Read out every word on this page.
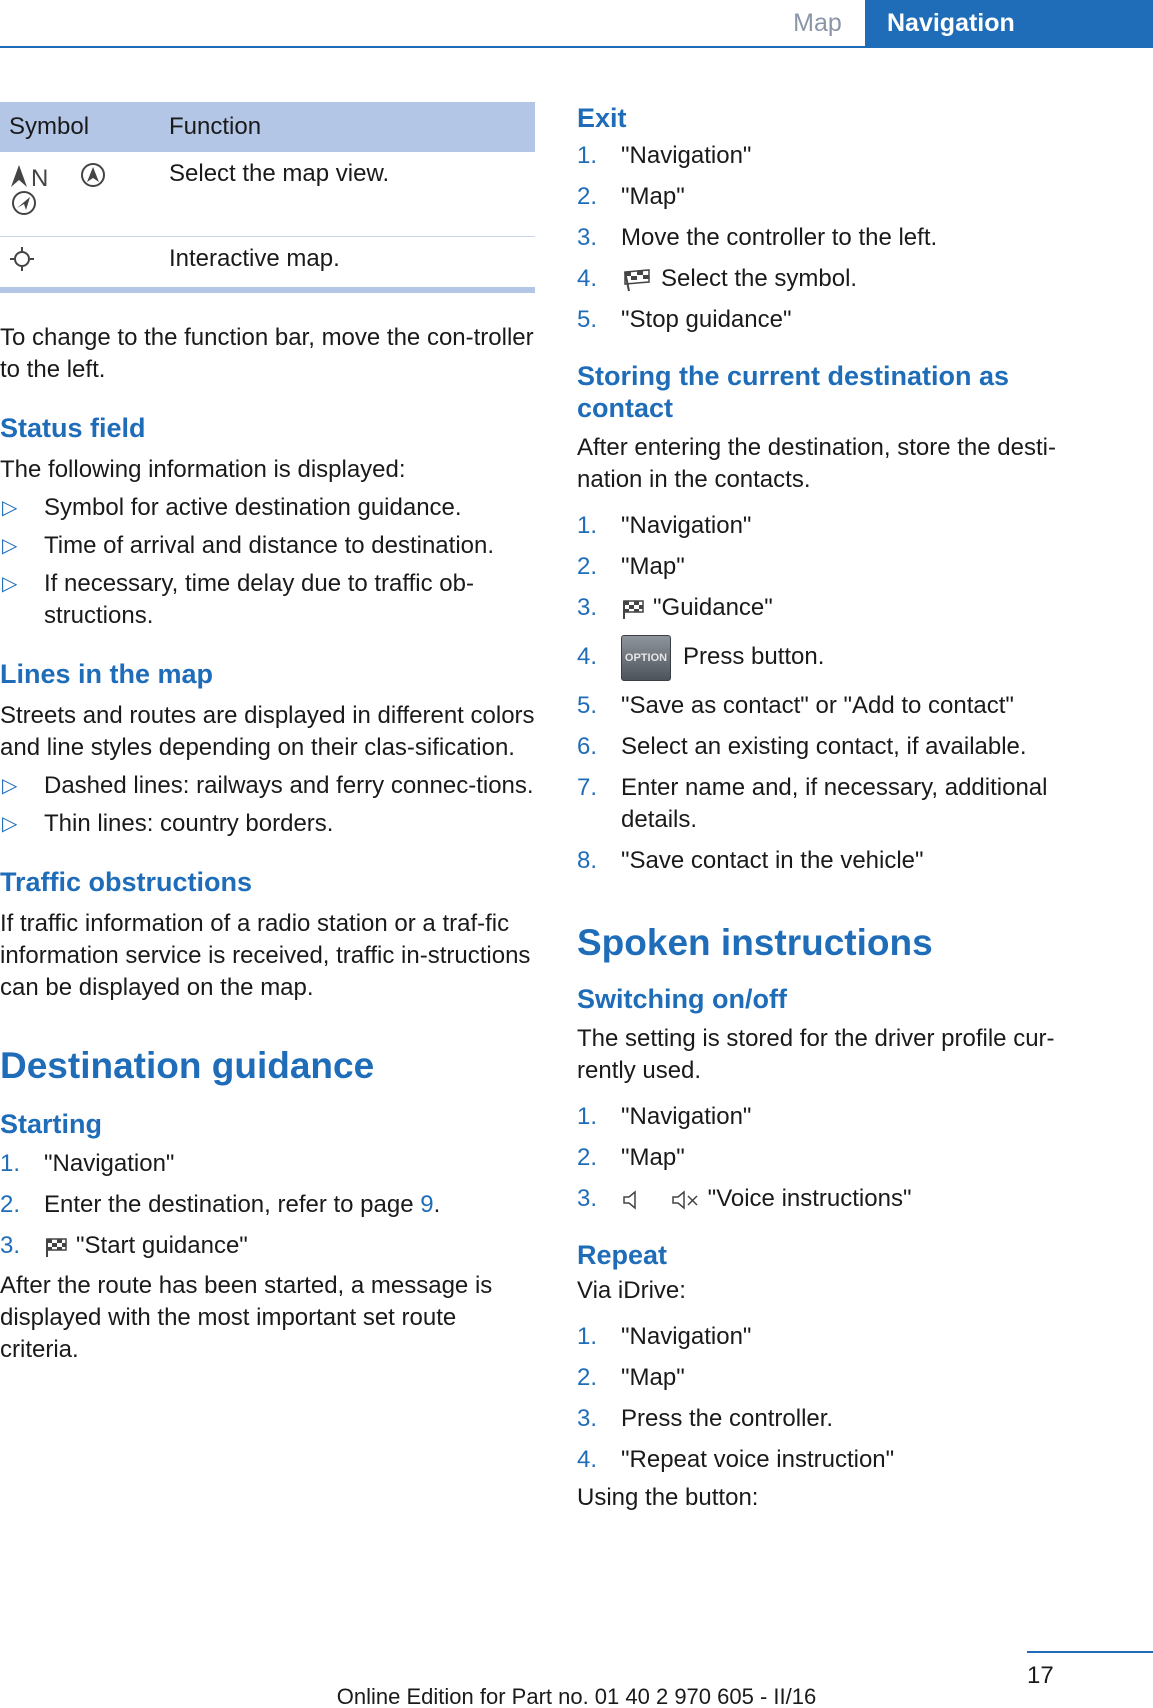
Map	Navigation
Symbol	Function

N	Select the map view.
	Interactive map.

To change to the function bar, move the con-troller to the left.

Status field

The following information is displayed:

▷ Symbol for active destination guidance.
▷ Time of arrival and distance to destination.
▷ If necessary, time delay due to traffic ob-structions.
Lines in the map

Streets and routes are displayed in different colors and line styles depending on their clas-sification.

▷ Dashed lines: railways and ferry connec-tions.
▷ Thin lines: country borders.
Traffic obstructions

If traffic information of a radio station or a traf-fic information service is received, traffic in-structions can be displayed on the map.

Destination guidance
Starting
1. "Navigation"
2. Enter the destination, refer to page 9.
3. "Start guidance"

After the route has been started, a message is displayed with the most important set route criteria.

Exit
1. "Navigation"
2. "Map"
3. Move the controller to the left.
4.	Select the symbol.
5. "Stop guidance"
Storing the current destination as contact

After entering the destination, store the desti-nation in the contacts.

1. "Navigation"
2. "Map"
3. "Guidance"
4.	OPTION Press button.
5. "Save as contact" or "Add to contact"
6. Select an existing contact, if available.
7. Enter name and, if necessary, additional details.
8. "Save contact in the vehicle"
Spoken instructions
Switching on/off

The setting is stored for the driver profile cur-rently used.

1. "Navigation"
2. "Map"
3.	"Voice instructions"
Repeat

Via iDrive:

1. "Navigation"
2. "Map"
3. Press the controller.
4. "Repeat voice instruction"

Using the button:

17
Online Edition for Part no. 01 40 2 970 605 - II/16
